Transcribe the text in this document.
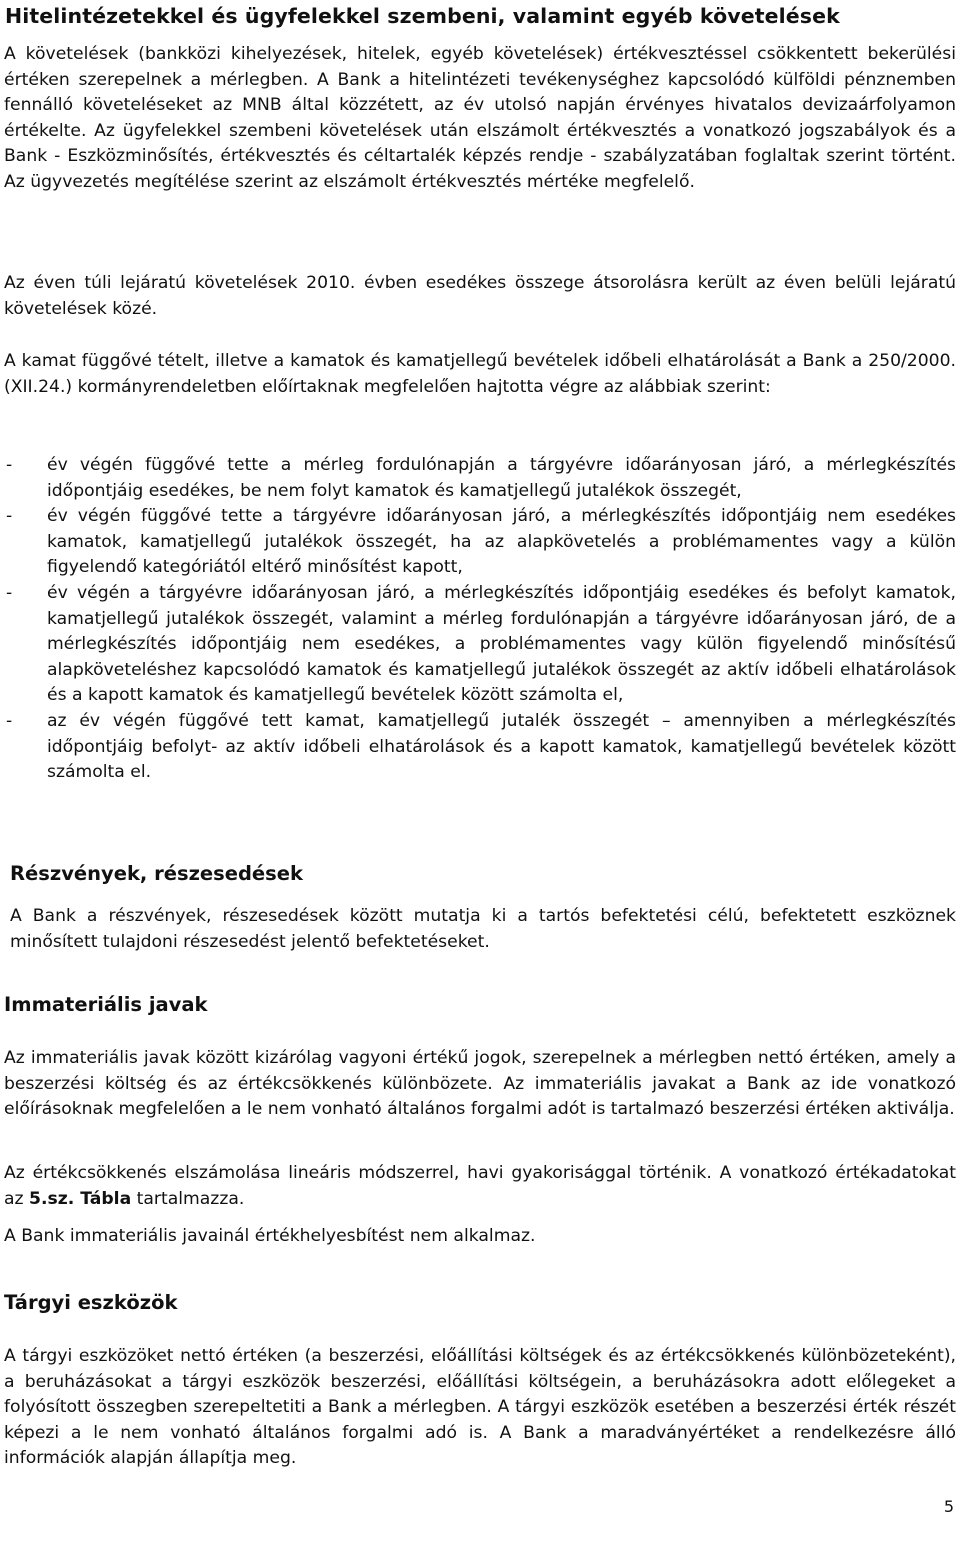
Hitelintézetekkel és ügyfelekkel szembeni, valamint egyéb követelések

A követelések (bankközi kihelyezések, hitelek, egyéb követelések) értékvesztéssel csökkentett bekerülési értéken szerepelnek a mérlegben. A Bank a hitelintézeti tevékenységhez kapcsolódó külföldi pénznemben fennálló követeléseket az MNB által közzétett, az év utolsó napján érvényes hivatalos devizaárfolyamon értékelte. Az ügyfelekkel szembeni követelések után elszámolt értékvesztés a vonatkozó jogszabályok és a Bank - Eszközminősítés, értékvesztés és céltartalék képzés rendje - szabályzatában foglaltak szerint történt. Az ügyvezetés megítélése szerint az elszámolt értékvesztés mértéke megfelelő.

Az éven túli lejáratú követelések 2010. évben esedékes összege átsorolásra került az éven belüli lejáratú követelések közé.

A kamat függővé tételt, illetve a kamatok és kamatjellegű bevételek időbeli elhatárolását a Bank a 250/2000.(XII.24.) kormányrendeletben előírtaknak megfelelően hajtotta végre az alábbiak szerint:

- év végén függővé tette a mérleg fordulónapján a tárgyévre időarányosan járó, a mérlegkészítés időpontjáig esedékes, be nem folyt kamatok és kamatjellegű jutalékok összegét,
- év végén függővé tette a tárgyévre időarányosan járó, a mérlegkészítés időpontjáig nem esedékes kamatok, kamatjellegű jutalékok összegét, ha az alapkövetelés a problémamentes vagy a külön figyelendő kategóriától eltérő minősítést kapott,
- év végén a tárgyévre időarányosan járó, a mérlegkészítés időpontjáig esedékes és befolyt kamatok, kamatjellegű jutalékok összegét, valamint a mérleg fordulónapján a tárgyévre időarányosan járó, de a mérlegkészítés időpontjáig nem esedékes, a problémamentes vagy külön figyelendő minősítésű alapköveteléshez kapcsolódó kamatok és kamatjellegű jutalékok összegét az aktív időbeli elhatárolások és a kapott kamatok és kamatjellegű bevételek között számolta el,
- az év végén függővé tett kamat, kamatjellegű jutalék összegét – amennyiben a mérlegkészítés időpontjáig befolyt- az aktív időbeli elhatárolások és a kapott kamatok, kamatjellegű bevételek között számolta el.
Részvények, részesedések

A Bank a részvények, részesedések között mutatja ki a tartós befektetési célú, befektetett eszköznek minősített tulajdoni részesedést jelentő befektetéseket.

Immateriális javak

Az immateriális javak között kizárólag vagyoni értékű jogok, szerepelnek a mérlegben nettó értéken, amely a beszerzési költség és az értékcsökkenés különbözete. Az immateriális javakat a Bank az ide vonatkozó előírásoknak megfelelően a le nem vonható általános forgalmi adót is tartalmazó beszerzési értéken aktiválja.

Az értékcsökkenés elszámolása lineáris módszerrel, havi gyakorisággal történik. A vonatkozó értékadatokat az 5.sz. Tábla tartalmazza.

A Bank immateriális javainál értékhelyesbítést nem alkalmaz.

Tárgyi eszközök

A tárgyi eszközöket nettó értéken (a beszerzési, előállítási költségek és az értékcsökkenés különbözeteként), a beruházásokat a tárgyi eszközök beszerzési, előállítási költségein, a beruházásokra adott előlegeket a folyósított összegben szerepeltetiti a Bank a mérlegben. A tárgyi eszközök esetében a beszerzési érték részét képezi a le nem vonható általános forgalmi adó is. A Bank a maradványértéket a rendelkezésre álló információk alapján állapítja meg.

5
